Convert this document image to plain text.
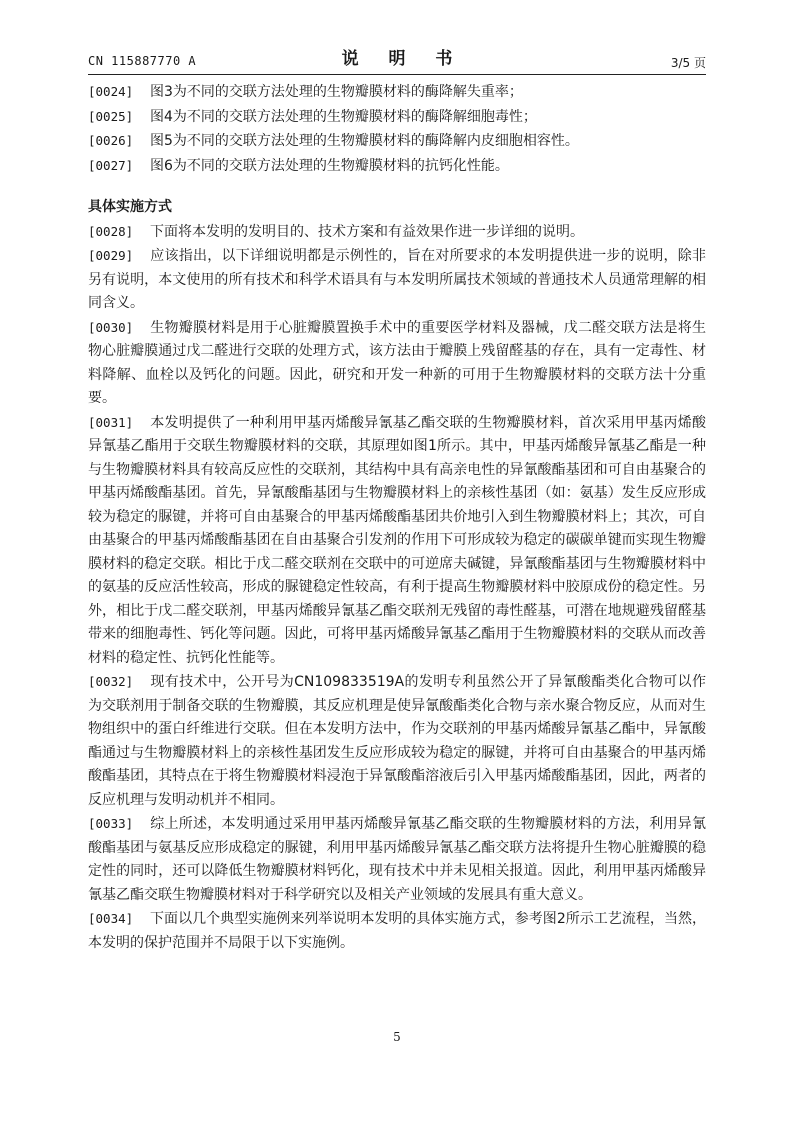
CN 115887770 A	说 明 书	3/5 页

[0024] 图3为不同的交联方法处理的生物瓣膜材料的酶降解失重率；

[0025] 图4为不同的交联方法处理的生物瓣膜材料的酶降解细胞毒性；

[0026] 图5为不同的交联方法处理的生物瓣膜材料的酶降解内皮细胞相容性。

[0027] 图6为不同的交联方法处理的生物瓣膜材料的抗钙化性能。

具体实施方式

[0028] 下面将本发明的发明目的、技术方案和有益效果作进一步详细的说明。

[0029] 应该指出，以下详细说明都是示例性的，旨在对所要求的本发明提供进一步的说明，除非另有说明，本文使用的所有技术和科学术语具有与本发明所属技术领域的普通技术人员通常理解的相同含义。

[0030] 生物瓣膜材料是用于心脏瓣膜置换手术中的重要医学材料及器械，戊二醛交联方法是将生物心脏瓣膜通过戊二醛进行交联的处理方式，该方法由于瓣膜上残留醛基的存在，具有一定毒性、材料降解、血栓以及钙化的问题。因此，研究和开发一种新的可用于生物瓣膜材料的交联方法十分重要。

[0031] 本发明提供了一种利用甲基丙烯酸异氰基乙酯交联的生物瓣膜材料，首次采用甲基丙烯酸异氰基乙酯用于交联生物瓣膜材料的交联，其原理如图1所示。其中，甲基丙烯酸异氰基乙酯是一种与生物瓣膜材料具有较高反应性的交联剂，其结构中具有高亲电性的异氰酸酯基团和可自由基聚合的甲基丙烯酸酯基团。首先，异氰酸酯基团与生物瓣膜材料上的亲核性基团（如：氨基）发生反应形成较为稳定的脲键，并将可自由基聚合的甲基丙烯酸酯基团共价地引入到生物瓣膜材料上；其次，可自由基聚合的甲基丙烯酸酯基团在自由基聚合引发剂的作用下可形成较为稳定的碳碳单键而实现生物瓣膜材料的稳定交联。相比于戊二醛交联剂在交联中的可逆席夫碱键，异氰酸酯基团与生物瓣膜材料中的氨基的反应活性较高，形成的脲键稳定性较高，有利于提高生物瓣膜材料中胶原成份的稳定性。另外，相比于戊二醛交联剂，甲基丙烯酸异氰基乙酯交联剂无残留的毒性醛基，可潜在地规避残留醛基带来的细胞毒性、钙化等问题。因此，可将甲基丙烯酸异氰基乙酯用于生物瓣膜材料的交联从而改善材料的稳定性、抗钙化性能等。

[0032] 现有技术中，公开号为CN109833519A的发明专利虽然公开了异氰酸酯类化合物可以作为交联剂用于制备交联的生物瓣膜，其反应机理是使异氰酸酯类化合物与亲水聚合物反应，从而对生物组织中的蛋白纤维进行交联。但在本发明方法中，作为交联剂的甲基丙烯酸异氰基乙酯中，异氰酸酯通过与生物瓣膜材料上的亲核性基团发生反应形成较为稳定的脲键，并将可自由基聚合的甲基丙烯酸酯基团，其特点在于将生物瓣膜材料浸泡于异氰酸酯溶液后引入甲基丙烯酸酯基团，因此，两者的反应机理与发明动机并不相同。

[0033] 综上所述，本发明通过采用甲基丙烯酸异氰基乙酯交联的生物瓣膜材料的方法，利用异氰酸酯基团与氨基反应形成稳定的脲键，利用甲基丙烯酸异氰基乙酯交联方法将提升生物心脏瓣膜的稳定性的同时，还可以降低生物瓣膜材料钙化，现有技术中并未见相关报道。因此，利用甲基丙烯酸异氰基乙酯交联生物瓣膜材料对于科学研究以及相关产业领域的发展具有重大意义。

[0034] 下面以几个典型实施例来列举说明本发明的具体实施方式，参考图2所示工艺流程，当然，本发明的保护范围并不局限于以下实施例。

5
